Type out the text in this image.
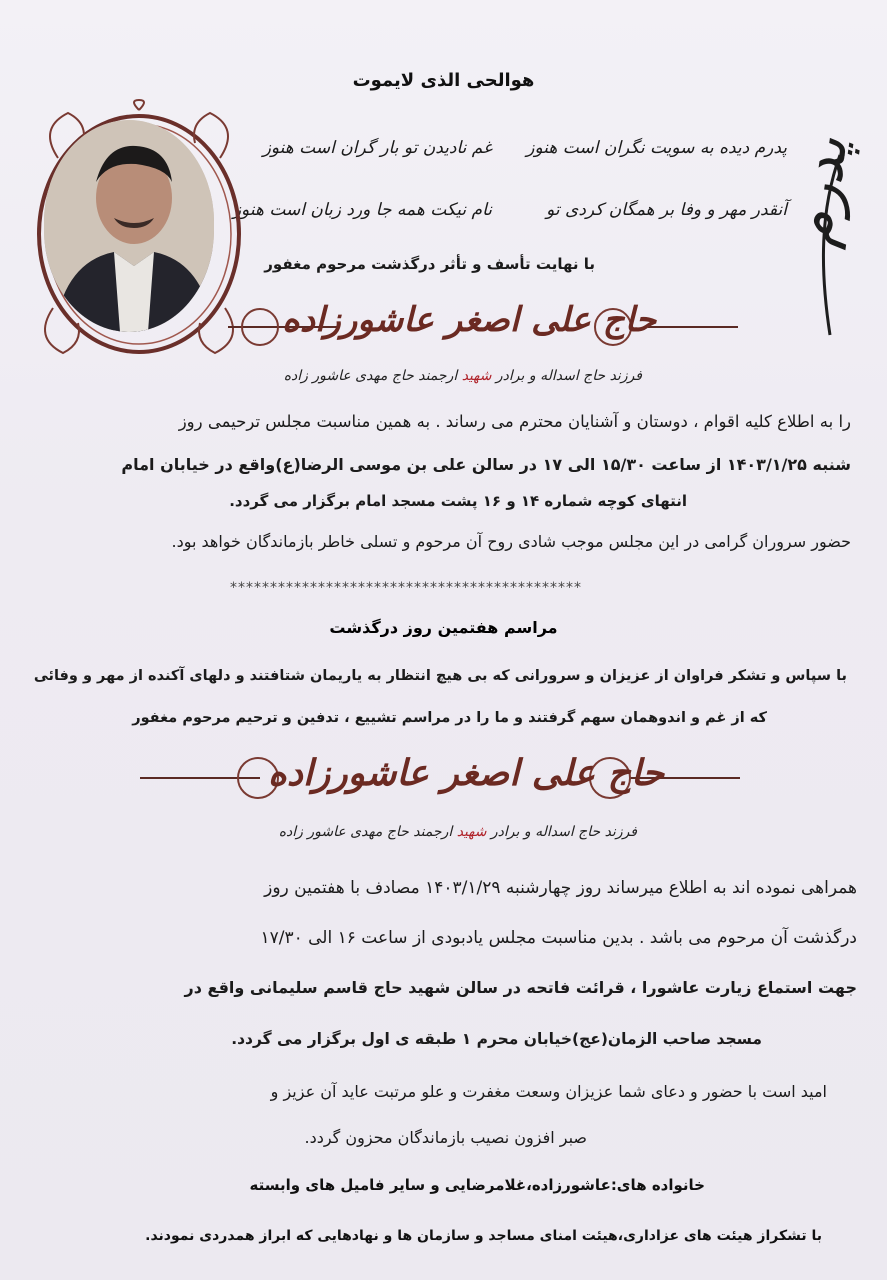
هوالحی الذی لایموت
پدرم
پدرم دیده به سویت نگران است هنوز
غم نادیدن تو بار گران است هنوز
آنقدر مهر و وفا بر همگان کردی تو
نام نیکت همه جا ورد زبان است هنوز
با نهایت تأسف و تأثر درگذشت مرحوم مغفور
حاج علی اصغر عاشورزاده
فرزند حاج اسداله و برادر شهید ارجمند حاج مهدی عاشور زاده
را به اطلاع کلیه اقوام ، دوستان و آشنایان محترم می رساند . به همین مناسبت مجلس ترحیمی روز
شنبه ۱۴۰۳/۱/۲۵ از ساعت ۱۵/۳۰ الی ۱۷ در سالن علی بن موسی الرضا(ع)واقع در خیابان امام
انتهای کوچه شماره ۱۴ و ۱۶ پشت مسجد امام برگزار می گردد.
حضور سروران گرامی در این مجلس موجب شادی روح آن مرحوم و تسلی خاطر بازماندگان خواهد بود.
********************************************
مراسم هفتمین روز درگذشت
با سپاس و تشکر فراوان از عزیزان و سرورانی که بی هیچ انتظار به یاریمان شتافتند و دلهای آکنده از مهر و وفائی
که از غم و اندوهمان سهم گرفتند و ما را در مراسم تشییع ، تدفین و ترحیم مرحوم مغفور
حاج علی اصغر عاشورزاده
فرزند حاج اسداله و برادر شهید ارجمند حاج مهدی عاشور زاده
همراهی نموده اند به اطلاع میرساند روز چهارشنبه ۱۴۰۳/۱/۲۹ مصادف با هفتمین روز
درگذشت آن مرحوم می باشد . بدین مناسبت مجلس یادبودی از ساعت ۱۶ الی ۱۷/۳۰
جهت استماع زیارت عاشورا ، قرائت فاتحه در سالن شهید حاج قاسم سلیمانی واقع در
مسجد صاحب الزمان(عج)خیابان محرم ۱ طبقه ی اول برگزار می گردد.
امید است با حضور و دعای شما عزیزان وسعت مغفرت و علو مرتبت عاید آن عزیز و
صبر افزون نصیب بازماندگان محزون گردد.
خانواده های:عاشورزاده،غلامرضایی و سایر فامیل های وابسته
با تشکراز هیئت های عزاداری،هیئت امنای مساجد و سازمان ها و نهادهایی که ابراز همدردی نمودند.
